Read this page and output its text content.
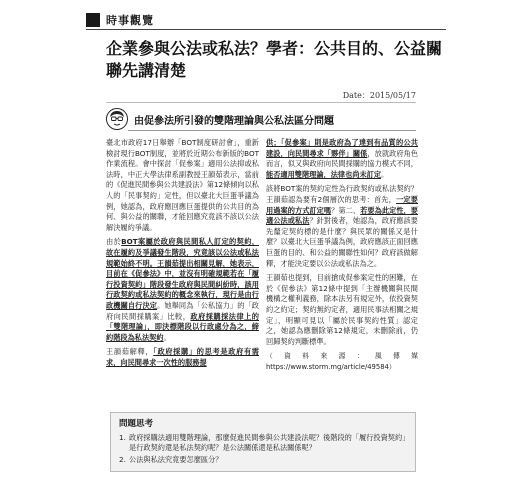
時事觀覽
企業參與公法或私法？學者：公共目的、公益關聯先講清楚
Date：2015/05/17
由促參法所引發的雙階理論與公私法區分問題

臺北市政府17日舉辦「BOT制度研討會」，重新檢討現行BOT制度，並將於近期公布新版的BOT作業流程。會中探討「促參案」適用公法抑或私法時，中正大學法律系副教授王韻茹表示，當前的《促進民間參與公共建設法》第12條傾向以私人的「民事契約」定性，但以臺北大巨蛋爭議為例，她認為，政府應回應巨蛋提供的公共目的為何、與公益的關聯，才能回應究竟該不該以公法解決履約爭議。

由於BOT案屬於政府與民間私人訂定的契約，故在履約及爭議發生階段，究竟該以公法或私法規範始終不明。王韻茹提出相關見解，她表示，目前在《促參法》中，並沒有明確規範若在「履行投資契約」階段發生政府與民間糾紛時，該用行政契約或私法契約的概念來執行，現行是由行政機關自行決定。她舉同為「公私協力」的「政府向民間採購案」比較，政府採購採法律上的「雙階理論」，即決標階段以行政處分為之，締約階段為私法契約。

王韻茹解釋，「政府採購」的思考是政府有需求，向民間尋求一次性的服務提

供；「促參案」則是政府為了達到有品質的公共建設，向民間尋求「夥伴」關係，放就政府角色而言，似又與政府向民間採購的協力模式不同，能否適用雙階理論，法律也尚未訂定。

該將BOT案的契約定性為行政契約或私法契約？王韻茹認為要有2個層次的思考：首先，一定要用過案的方式訂定嗎？第二、若要為此定性，要適公法或私法？針對後者，她認為，政府應該要先釐定契約標的是什麼？與民眾的關係又是什麼？以臺北大巨蛋爭議為例，政府應該正面回應巨蛋的目的、和公益的關聯性如何？政府該做解釋，才能決定要以公法或私法為之。

王韻茹也提到，目前搶成促參案定性的困難，在於《促參法》第12條中提到「主辦機關與民間機構之權利義務，除本法另有規定外，依投資契約之約定；契約無約定者，適用民事法相關之規定」，明顯可見以「屬於民事契約性質」認定之，她認為應刪除第12條規定，未刪除前，仍回歸契約判斷標準。

（資料來源：風傳媒https://www.storm.mg/article/49584）

問題思考
1. 政府採購法適用雙階理論，那麼促進民間參與公共建設法呢？後階段的「履行投資契約」是行政契約還是私法契約呢？是公法關係還是私法關係呢？
2. 公法與私法究竟要怎麼區分？
